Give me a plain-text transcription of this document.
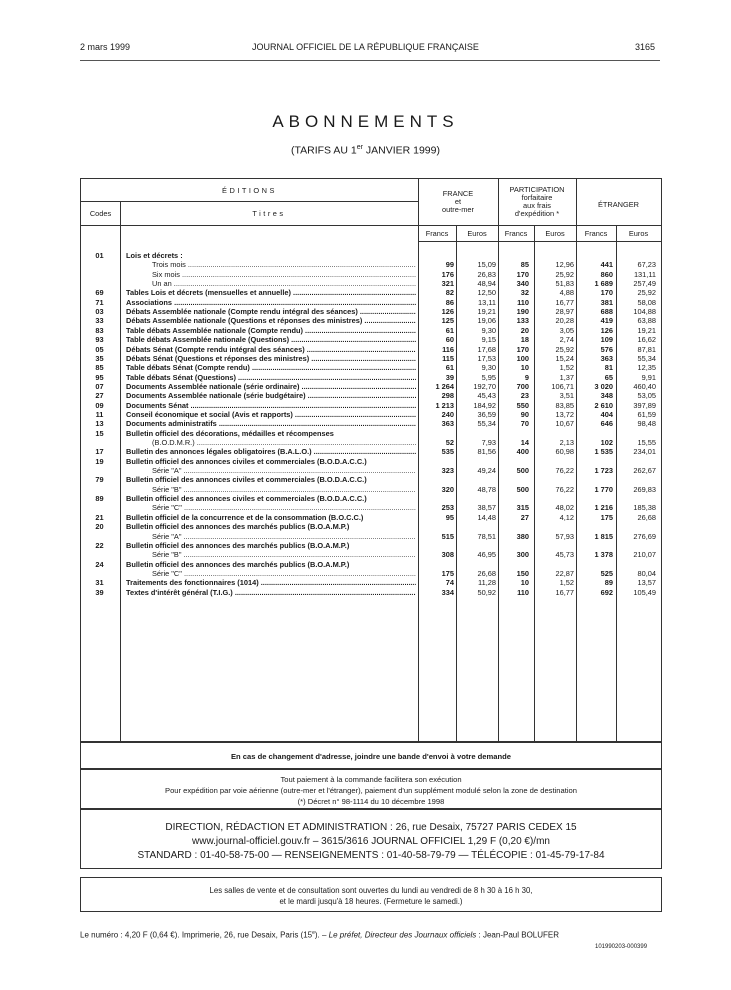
2 mars 1999	JOURNAL OFFICIEL DE LA RÉPUBLIQUE FRANÇAISE	3165
ABONNEMENTS
(TARIFS AU 1er JANVIER 1999)
ÉDITIONS
Codes	Titres
FRANCE
et
outre-mer
PARTICIPATION
forfaitaire
aux frais
d'expédition *
ÉTRANGER
Francs	Euros	Francs	Euros	Francs	Euros
01	Lois et décrets :
Trois mois .....	99	15,09	85	12,96	441	67,23
Six mois .....	176	26,83	170	25,92	860	131,11
Un an .....	321	48,94	340	51,83	1 689	257,49
69	Tables Lois et décrets (mensuelles et annuelle) .....	82	12,50	32	4,88	170	25,92
71	Associations .....	86	13,11	110	16,77	381	58,08
03	Débats Assemblée nationale (Compte rendu intégral des séances) .....	126	19,21	190	28,97	688	104,88
33	Débats Assemblée nationale (Questions et réponses des ministres) .....	125	19,06	133	20,28	419	63,88
83	Table débats Assemblée nationale (Compte rendu) .....	61	9,30	20	3,05	126	19,21
93	Table débats Assemblée nationale (Questions) .....	60	9,15	18	2,74	109	16,62
05	Débats Sénat (Compte rendu intégral des séances) .....	116	17,68	170	25,92	576	87,81
35	Débats Sénat (Questions et réponses des ministres) .....	115	17,53	100	15,24	363	55,34
85	Table débats Sénat (Compte rendu) .....	61	9,30	10	1,52	81	12,35
95	Table débats Sénat (Questions) .....	39	5,95	9	1,37	65	9,91
07	Documents Assemblée nationale (série ordinaire) .....	1 264	192,70	700	106,71	3 020	460,40
27	Documents Assemblée nationale (série budgétaire) .....	298	45,43	23	3,51	348	53,05
09	Documents Sénat .....	1 213	184,92	550	83,85	2 610	397,89
11	Conseil économique et social (Avis et rapports) .....	240	36,59	90	13,72	404	61,59
13	Documents administratifs .....	363	55,34	70	10,67	646	98,48
15	Bulletin officiel des décorations, médailles et récompenses
(B.O.D.M.R.) .....	52	7,93	14	2,13	102	15,55
17	Bulletin des annonces légales obligatoires (B.A.L.O.) .....	535	81,56	400	60,98	1 535	234,01
19	Bulletin officiel des annonces civiles et commerciales (B.O.D.A.C.C.)
Série "A" .....	323	49,24	500	76,22	1 723	262,67
79	Bulletin officiel des annonces civiles et commerciales (B.O.D.A.C.C.)
Série "B" .....	320	48,78	500	76,22	1 770	269,83
89	Bulletin officiel des annonces civiles et commerciales (B.O.D.A.C.C.)
Série "C" .....	253	38,57	315	48,02	1 216	185,38
21	Bulletin officiel de la concurrence et de la consommation (B.O.C.C.)	95	14,48	27	4,12	175	26,68
20	Bulletin officiel des annonces des marchés publics (B.O.A.M.P.)
Série "A" .....	515	78,51	380	57,93	1 815	276,69
22	Bulletin officiel des annonces des marchés publics (B.O.A.M.P.)
Série "B" .....	308	46,95	300	45,73	1 378	210,07
24	Bulletin officiel des annonces des marchés publics (B.O.A.M.P.)
Série "C" .....	175	26,68	150	22,87	525	80,04
31	Traitements des fonctionnaires (1014) .....	74	11,28	10	1,52	89	13,57
39	Textes d'intérêt général (T.I.G.) .....	334	50,92	110	16,77	692	105,49
En cas de changement d'adresse, joindre une bande d'envoi à votre demande
Tout paiement à la commande facilitera son exécution
Pour expédition par voie aérienne (outre-mer et l'étranger), paiement d'un supplément modulé selon la zone de destination
(*) Décret n° 98-1114 du 10 décembre 1998
DIRECTION, RÉDACTION ET ADMINISTRATION : 26, rue Desaix, 75727 PARIS CEDEX 15
www.journal-officiel.gouv.fr – 3615/3616 JOURNAL OFFICIEL 1,29 F (0,20 €)/mn
STANDARD : 01-40-58-75-00 — RENSEIGNEMENTS : 01-40-58-79-79 — TÉLÉCOPIE : 01-45-79-17-84
Les salles de vente et de consultation sont ouvertes du lundi au vendredi de 8 h 30 à 16 h 30,
et le mardi jusqu'à 18 heures. (Fermeture le samedi.)
Le numéro : 4,20 F (0,64 €). Imprimerie, 26, rue Desaix, Paris (15e). – Le préfet, Directeur des Journaux officiels : Jean-Paul BOLUFER
101990203-000399
